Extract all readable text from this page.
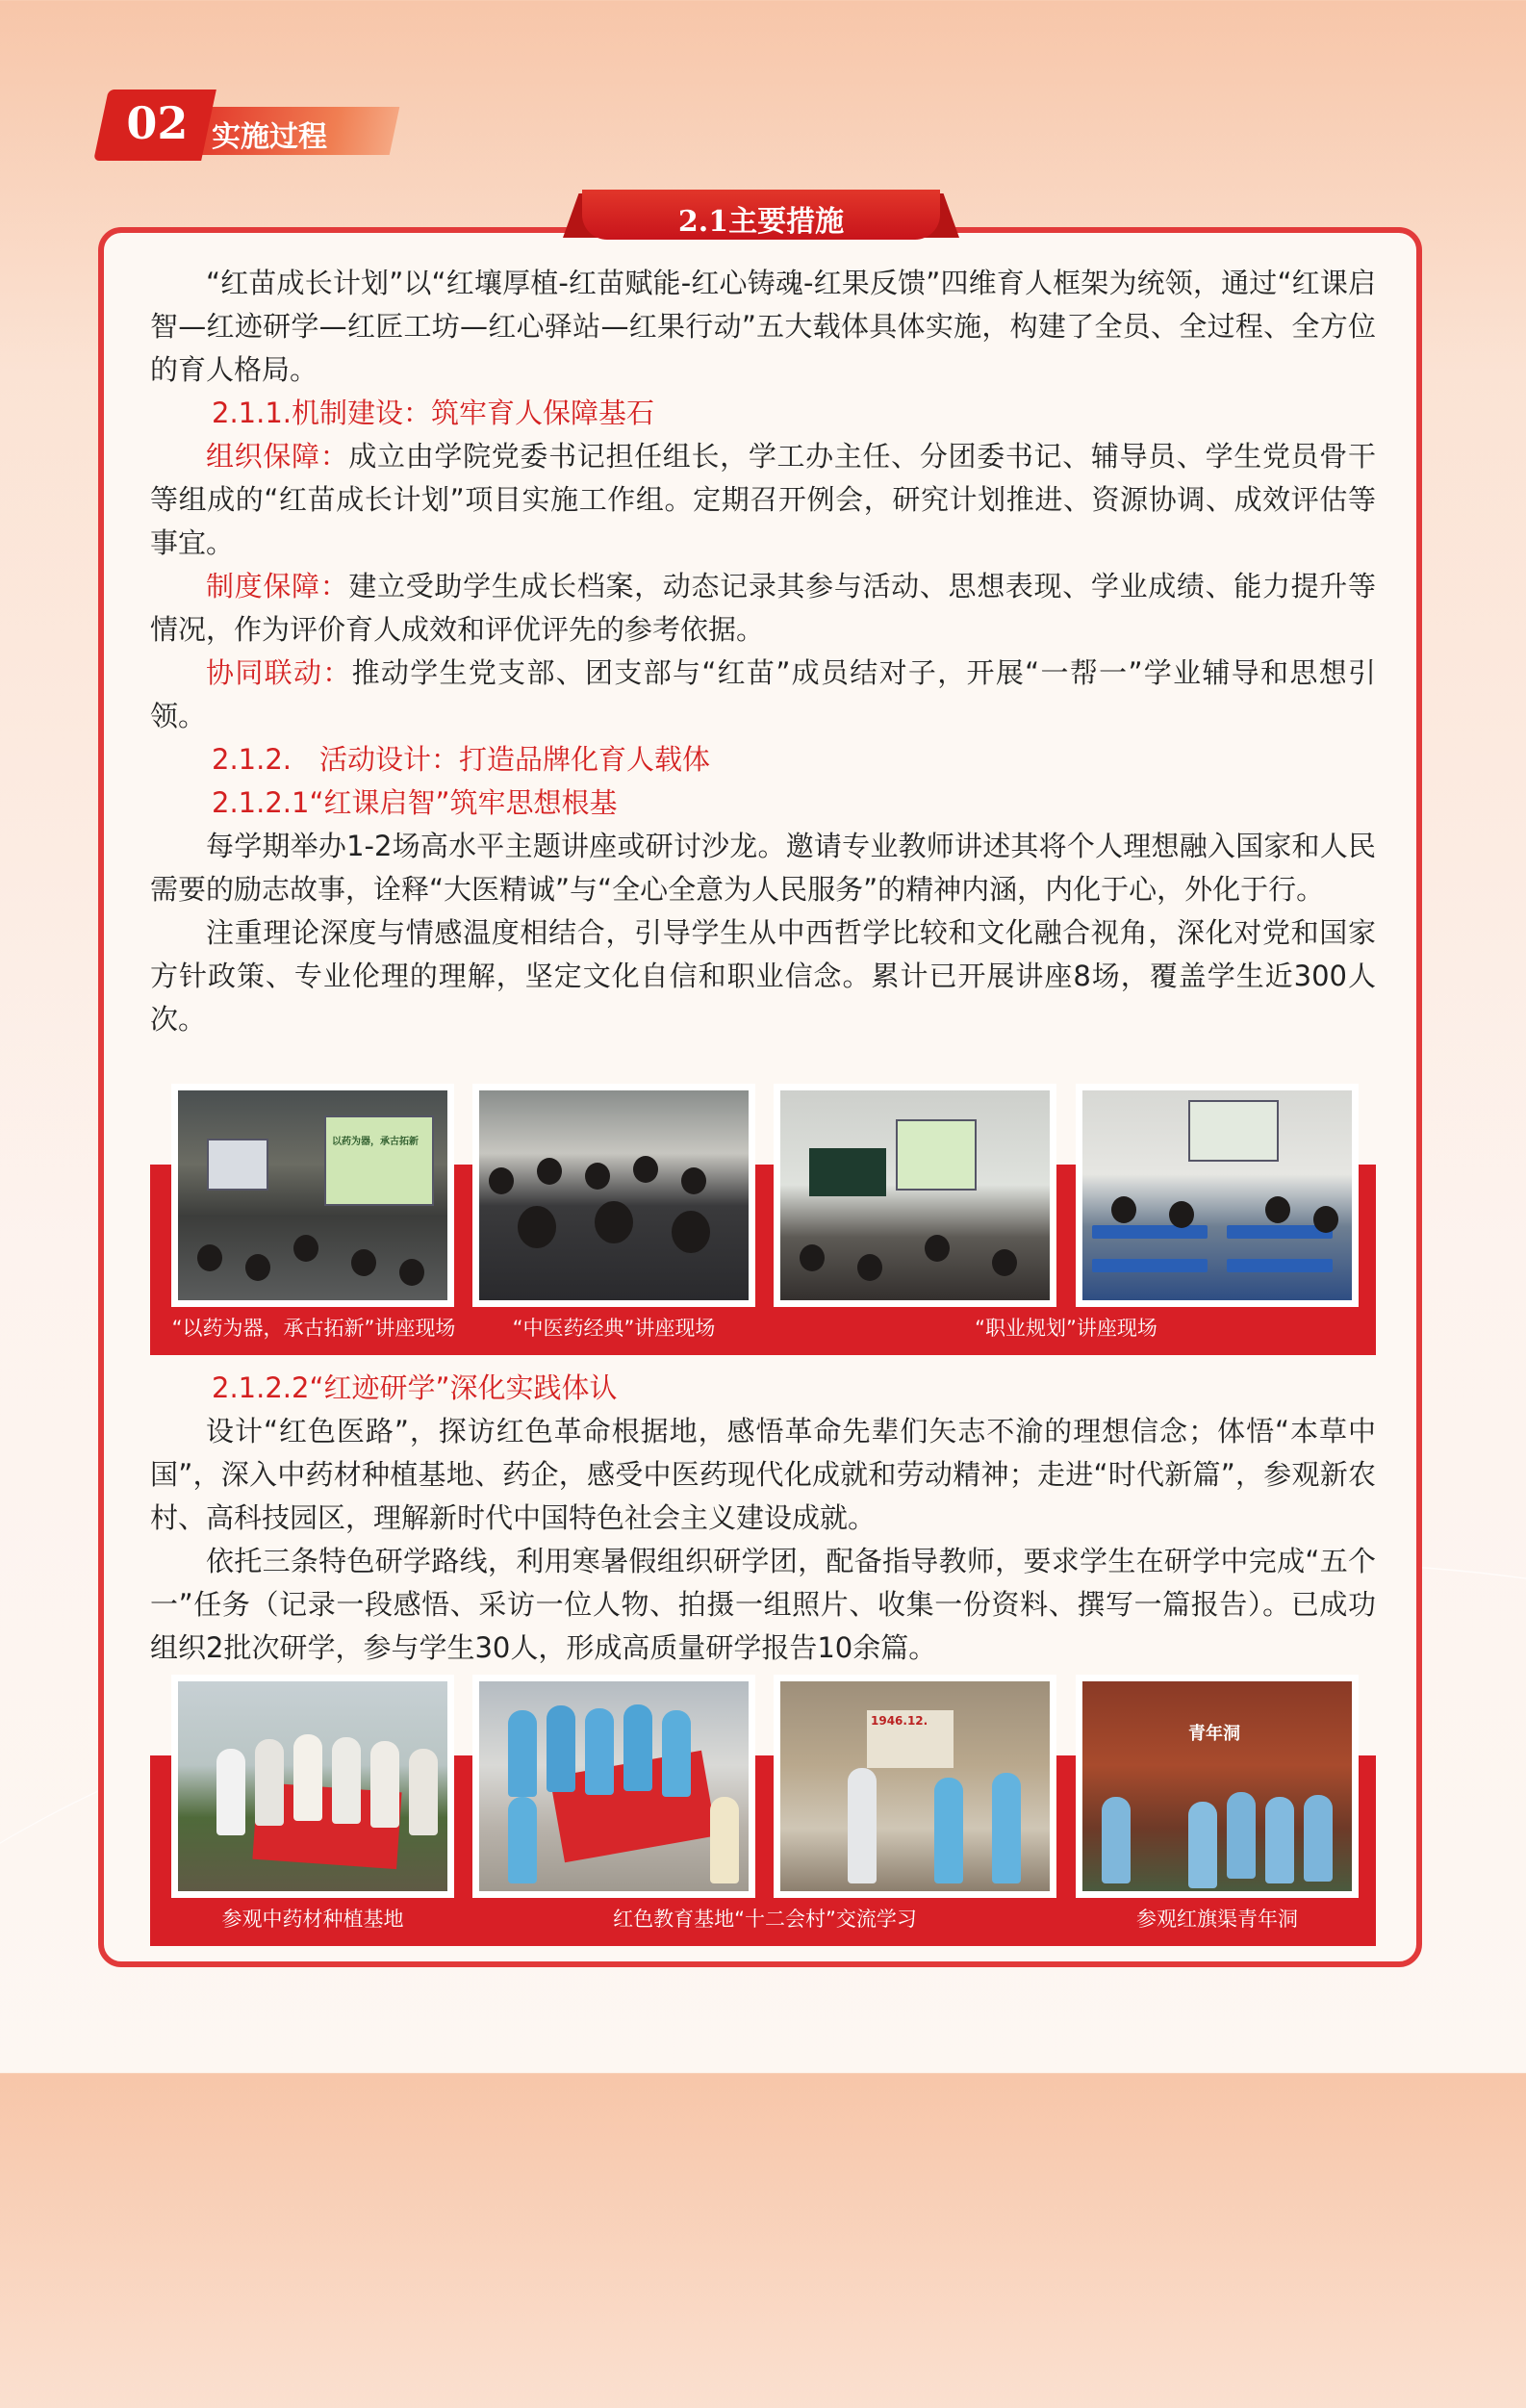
02 实施过程
2.1主要措施

“红苗成长计划”以“红壤厚植-红苗赋能-红心铸魂-红果反馈”四维育人框架为统领，通过“红课启智—红迹研学—红匠工坊—红心驿站—红果行动”五大载体具体实施，构建了全员、全过程、全方位的育人格局。

2.1.1.机制建设：筑牢育人保障基石

组织保障：成立由学院党委书记担任组长，学工办主任、分团委书记、辅导员、学生党员骨干等组成的“红苗成长计划”项目实施工作组。定期召开例会，研究计划推进、资源协调、成效评估等事宜。

制度保障：建立受助学生成长档案，动态记录其参与活动、思想表现、学业成绩、能力提升等情况，作为评价育人成效和评优评先的参考依据。

协同联动：推动学生党支部、团支部与“红苗”成员结对子，开展“一帮一”学业辅导和思想引领。

2.1.2.　活动设计：打造品牌化育人载体

2.1.2.1“红课启智”筑牢思想根基

每学期举办1-2场高水平主题讲座或研讨沙龙。邀请专业教师讲述其将个人理想融入国家和人民需要的励志故事，诠释“大医精诚”与“全心全意为人民服务”的精神内涵，内化于心，外化于行。

注重理论深度与情感温度相结合，引导学生从中西哲学比较和文化融合视角，深化对党和国家方针政策、专业伦理的理解，坚定文化自信和职业信念。累计已开展讲座8场，覆盖学生近300人次。

以药为器，承古拓新
“以药为器，承古拓新”讲座现场	“中医药经典”讲座现场	“职业规划”讲座现场

2.1.2.2“红迹研学”深化实践体认

设计“红色医路”，探访红色革命根据地，感悟革命先辈们矢志不渝的理想信念；体悟“本草中国”，深入中药材种植基地、药企，感受中医药现代化成就和劳动精神；走进“时代新篇”，参观新农村、高科技园区，理解新时代中国特色社会主义建设成就。

依托三条特色研学路线，利用寒暑假组织研学团，配备指导教师，要求学生在研学中完成“五个一”任务（记录一段感悟、采访一位人物、拍摄一组照片、收集一份资料、撰写一篇报告）。已成功组织2批次研学，参与学生30人，形成高质量研学报告10余篇。

1946.12.
青年洞
参观中药材种植基地	红色教育基地“十二会村”交流学习	参观红旗渠青年洞
